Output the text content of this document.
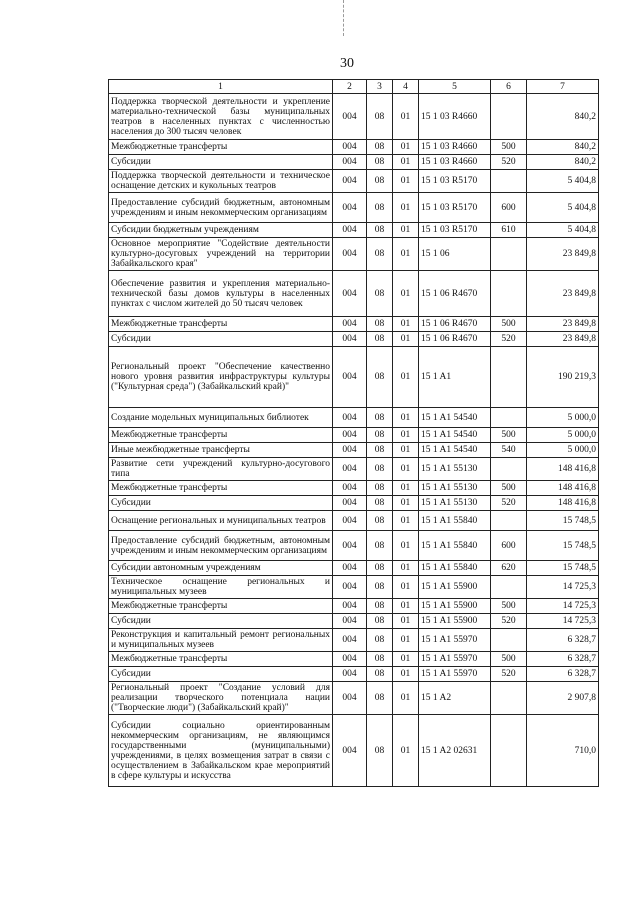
30
1	2	3	4	5	6	7
Поддержка творческой деятельности и укрепление материально-технической базы муниципальных театров в населенных пунктах с численностью населения до 300 тысяч человек	004	08	01	15 1 03 R4660		840,2
Межбюджетные трансферты	004	08	01	15 1 03 R4660	500	840,2
Субсидии	004	08	01	15 1 03 R4660	520	840,2
Поддержка творческой деятельности и техническое оснащение детских и кукольных театров	004	08	01	15 1 03 R5170		5 404,8
Предоставление субсидий бюджетным, автономным учреждениям и иным некоммерческим организациям	004	08	01	15 1 03 R5170	600	5 404,8
Субсидии бюджетным учреждениям	004	08	01	15 1 03 R5170	610	5 404,8
Основное мероприятие "Содействие деятельности культурно-досуговых учреждений на территории Забайкальского края"	004	08	01	15 1 06		23 849,8
Обеспечение развития и укрепления материально-технической базы домов культуры в населенных пунктах с числом жителей до 50 тысяч человек	004	08	01	15 1 06 R4670		23 849,8
Межбюджетные трансферты	004	08	01	15 1 06 R4670	500	23 849,8
Субсидии	004	08	01	15 1 06 R4670	520	23 849,8
Региональный проект "Обеспечение качественно нового уровня развития инфраструктуры культуры ("Культурная среда") (Забайкальский край)"	004	08	01	15 1 A1		190 219,3
Создание модельных муниципальных библиотек	004	08	01	15 1 A1 54540		5 000,0
Межбюджетные трансферты	004	08	01	15 1 A1 54540	500	5 000,0
Иные межбюджетные трансферты	004	08	01	15 1 A1 54540	540	5 000,0
Развитие сети учреждений культурно-досугового типа	004	08	01	15 1 A1 55130		148 416,8
Межбюджетные трансферты	004	08	01	15 1 A1 55130	500	148 416,8
Субсидии	004	08	01	15 1 A1 55130	520	148 416,8
Оснащение региональных и муниципальных театров	004	08	01	15 1 A1 55840		15 748,5
Предоставление субсидий бюджетным, автономным учреждениям и иным некоммерческим организациям	004	08	01	15 1 A1 55840	600	15 748,5
Субсидии автономным учреждениям	004	08	01	15 1 A1 55840	620	15 748,5
Техническое оснащение региональных и муниципальных музеев	004	08	01	15 1 A1 55900		14 725,3
Межбюджетные трансферты	004	08	01	15 1 A1 55900	500	14 725,3
Субсидии	004	08	01	15 1 A1 55900	520	14 725,3
Реконструкция и капитальный ремонт региональных и муниципальных музеев	004	08	01	15 1 A1 55970		6 328,7
Межбюджетные трансферты	004	08	01	15 1 A1 55970	500	6 328,7
Субсидии	004	08	01	15 1 A1 55970	520	6 328,7
Региональный проект "Создание условий для реализации творческого потенциала нации ("Творческие люди") (Забайкальский край)"	004	08	01	15 1 A2		2 907,8
Субсидии социально ориентированным некоммерческим организациям, не являющимся государственными (муниципальными) учреждениями, в целях возмещения затрат в связи с осуществлением в Забайкальском крае мероприятий в сфере культуры и искусства	004	08	01	15 1 A2 02631		710,0
